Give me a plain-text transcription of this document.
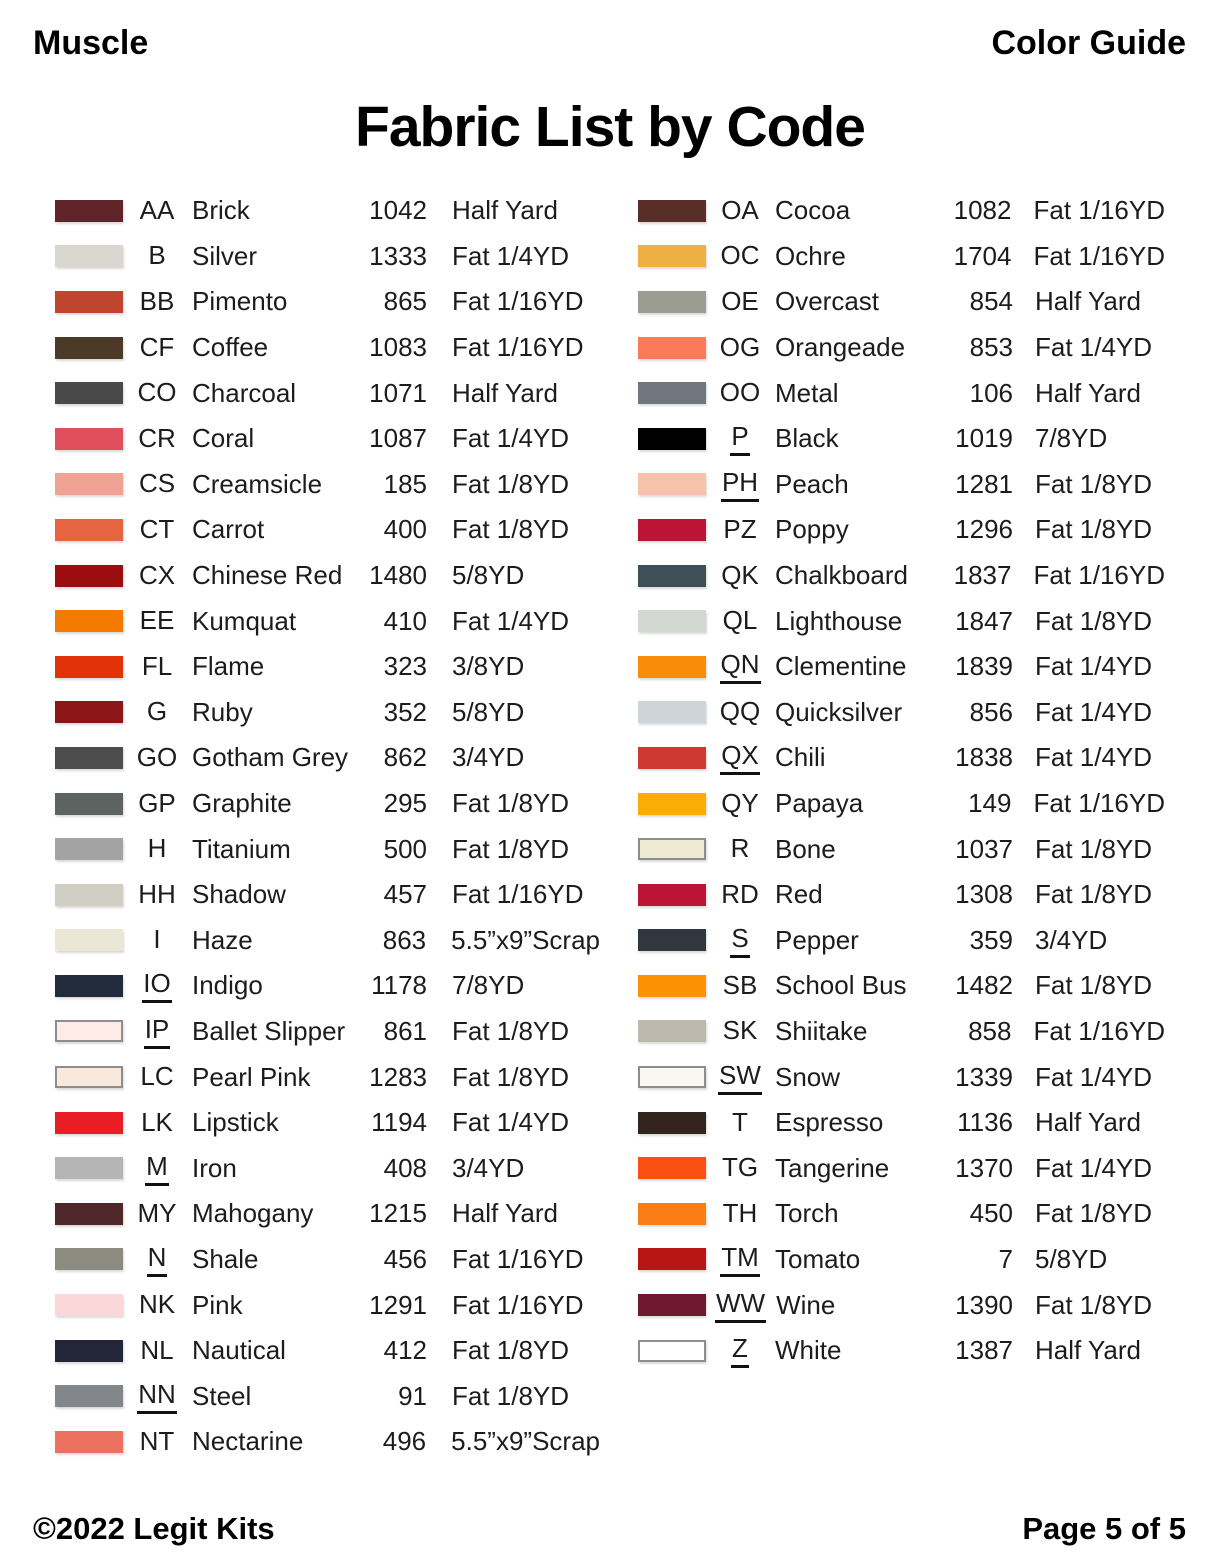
Muscle	Color Guide
Fabric List by Code
AA Brick	1042 Half Yard
B	Silver	1333 Fat 1/4YD
BB Pimento	865 Fat 1/16YD
CF Coffee	1083 Fat 1/16YD
CO Charcoal	1071 Half Yard
CR Coral	1087 Fat 1/4YD
CS Creamsicle	185 Fat 1/8YD
CT Carrot	400 Fat 1/8YD
CX Chinese Red	1480 5/8YD
EE Kumquat	410 Fat 1/4YD
FL Flame	323 3/8YD
G Ruby	352 5/8YD
GO Gotham Grey	862 3/4YD
GP Graphite	295 Fat 1/8YD
H Titanium	500 Fat 1/8YD
HH Shadow	457 Fat 1/16YD
I	Haze	863 5.5”x9”Scrap
IO Indigo	1178 7/8YD
IP Ballet Slipper	861 Fat 1/8YD
LC Pearl Pink	1283 Fat 1/8YD
LK Lipstick	1194 Fat 1/4YD
M Iron	408 3/4YD
MY Mahogany	1215 Half Yard
N Shale	456 Fat 1/16YD
NK Pink	1291 Fat 1/16YD
NL Nautical	412 Fat 1/8YD
NN Steel	91 Fat 1/8YD
NT Nectarine	496 5.5”x9”Scrap
OA Cocoa	1082 Fat 1/16YD
OC Ochre	1704 Fat 1/16YD
OE Overcast	854 Half Yard
OG Orangeade	853 Fat 1/4YD
OO Metal	106 Half Yard
P	Black	1019 7/8YD
PH Peach	1281 Fat 1/8YD
PZ Poppy	1296 Fat 1/8YD
QK Chalkboard	1837 Fat 1/16YD
QL Lighthouse	1847 Fat 1/8YD
QN Clementine	1839 Fat 1/4YD
QQ Quicksilver	856 Fat 1/4YD
QX Chili	1838 Fat 1/4YD
QY Papaya	149 Fat 1/16YD
R Bone	1037 Fat 1/8YD
RD Red	1308 Fat 1/8YD
S	Pepper	359 3/4YD
SB School Bus	1482 Fat 1/8YD
SK Shiitake	858 Fat 1/16YD
SW Snow	1339 Fat 1/4YD
T	Espresso	1136 Half Yard
TG Tangerine	1370 Fat 1/4YD
TH Torch	450 Fat 1/8YD
TM Tomato	7 5/8YD
WW Wine	1390 Fat 1/8YD
Z	White	1387 Half Yard
©2022 Legit Kits	Page 5 of 5
